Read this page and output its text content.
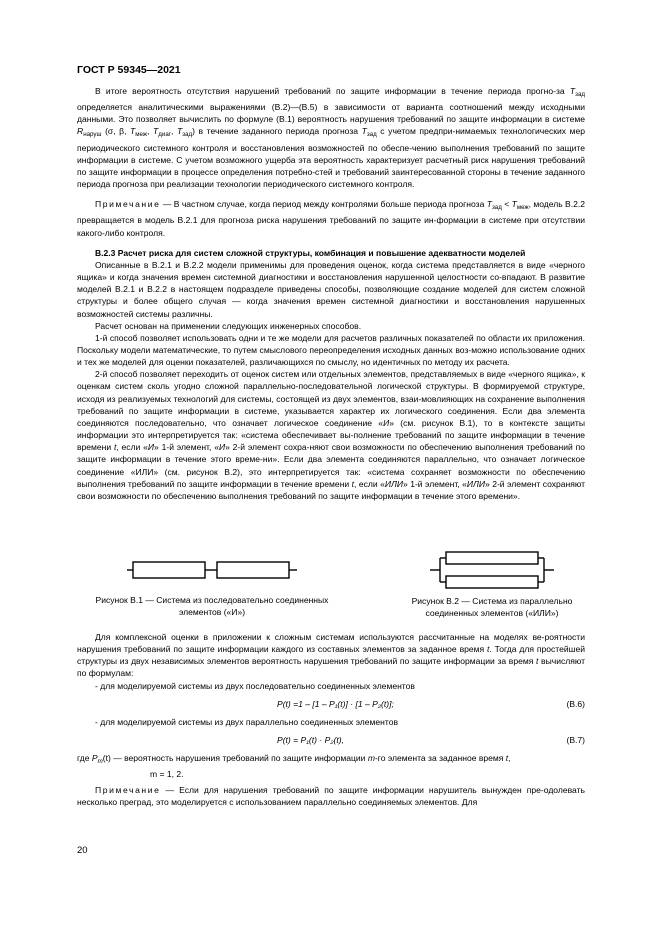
ГОСТ Р 59345—2021

В итоге вероятность отсутствия нарушений требований по защите информации в течение периода прогно-за $T_{зад}$ определяется аналитическими выражениями (В.2)—(В.5) в зависимости от варианта соотношений между исходными данными. Это позволяет вычислить по формуле (В.1) вероятность нарушения требований по защите информации в системе $R_{наруш}$ (σ, β, $T_{меж}$, $T_{диаг}$, $T_{зад}$) в течение заданного периода прогноза $T_{зад}$ с учетом предпри-нимаемых технологических мер периодического системного контроля и восстановления возможностей по обеспе-чению выполнения требований по защите информации в системе. С учетом возможного ущерба эта вероятность характеризует расчетный риск нарушения требований по защите информации в процессе определения потребно-стей и требований заинтересованной стороны в течение заданного периода прогноза при реализации технологии периодического системного контроля.

Примечание — В частном случае, когда период между контролями больше периода прогноза $T_{зад} < T_{меж}$, модель В.2.2 превращается в модель В.2.1 для прогноза риска нарушения требований по защите ин-формации в системе при отсутствии какого-либо контроля.

В.2.3 Расчет риска для систем сложной структуры, комбинация и повышение адекватности моделей

Описанные в В.2.1 и В.2.2 модели применимы для проведения оценок, когда система представляется в виде «черного ящика» и когда значения времен системной диагностики и восстановления нарушенной целостности со-впадают. В развитие моделей В.2.1 и В.2.2 в настоящем подразделе приведены способы, позволяющие создание моделей для систем сложной структуры и более общего случая — когда значения времен системной диагностики и восстановления нарушенных возможностей системы различны.

Расчет основан на применении следующих инженерных способов.

1-й способ позволяет использовать одни и те же модели для расчетов различных показателей по области их приложения. Поскольку модели математические, то путем смыслового переопределения исходных данных воз-можно использование одних и тех же моделей для оценки показателей, различающихся по смыслу, но идентичных по методу их расчета.

2-й способ позволяет переходить от оценок систем или отдельных элементов, представляемых в виде «черного ящика», к оценкам систем сколь угодно сложной параллельно-последовательной логической структуры. В формируемой структуре, исходя из реализуемых технологий для системы, состоящей из двух элементов, взаи-мовлияющих на сохранение выполнения требований по защите информации в системе, указывается характер их логического соединения. Если два элемента соединяются последовательно, что означает логическое соединение «И» (см. рисунок В.1), то в контексте защиты информации это интерпретируется так: «система обеспечивает вы-полнение требований по защите информации в течение времени t, если «И» 1-й элемент, «И» 2-й элемент сохра-няют свои возможности по обеспечению выполнения требований по защите информации в течение этого време-ни». Если два элемента соединяются параллельно, что означает логическое соединение «ИЛИ» (см. рисунок В.2), это интерпретируется так: «система сохраняет возможности по обеспечению выполнения требований по защите информации в течение времени t, если «ИЛИ» 1-й элемент, «ИЛИ» 2-й элемент сохраняют свои возможности по обеспечению выполнения требований по защите информации в течение этого времени».

Рисунок В.1 — Система из последовательно соединенных элементов («И»)
Рисунок В.2 — Система из параллельно соединенных элементов («ИЛИ»)

Для комплексной оценки в приложении к сложным системам используются рассчитанные на моделях ве-роятности нарушения требований по защите информации каждого из составных элементов за заданное время t. Тогда для простейшей структуры из двух независимых элементов вероятность нарушения требований по защите информации за время t вычисляют по формулам:

- для моделируемой системы из двух последовательно соединенных элементов

P(t) =1 – [1 – P₁(t)] · [1 – P₂(t)];	(В.6)

- для моделируемой системы из двух параллельно соединенных элементов

P(t) = P₁(t) · P₂(t),	(В.7)

где $P_m(t)$ — вероятность нарушения требований по защите информации m-го элемента за заданное время t,

m = 1, 2.

Примечание — Если для нарушения требований по защите информации нарушитель вынужден пре-одолевать несколько преград, это моделируется с использованием параллельно соединяемых элементов. Для

20
